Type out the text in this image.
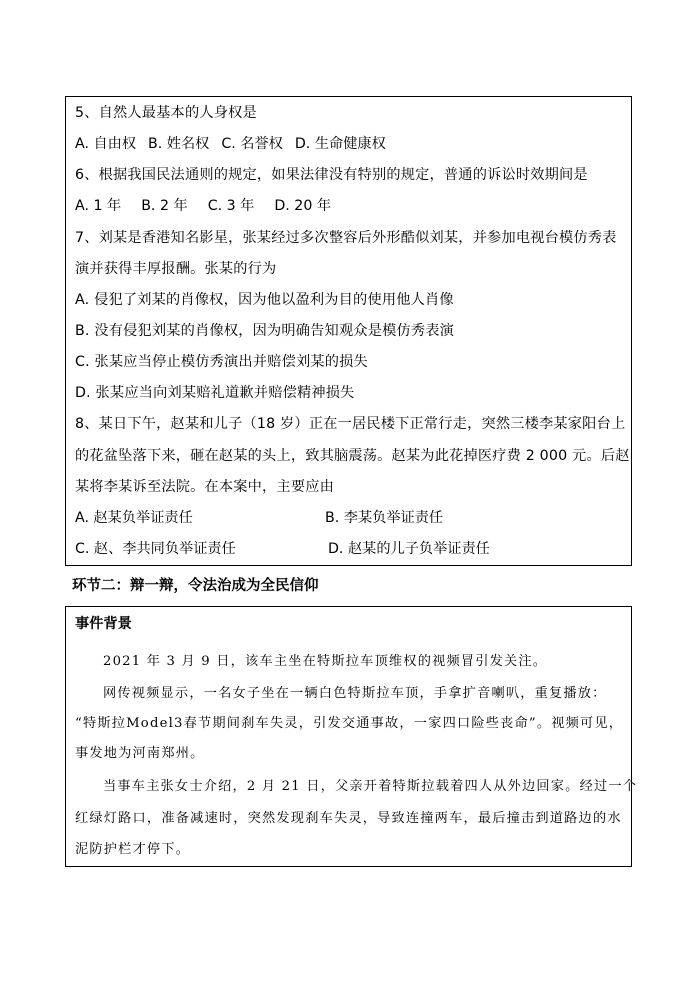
5、自然人最基本的人身权是
A. 自由权 B. 姓名权 C. 名誉权 D. 生命健康权
6、根据我国民法通则的规定，如果法律没有特别的规定，普通的诉讼时效期间是
A. 1 年 B. 2 年 C. 3 年 D. 20 年
7、刘某是香港知名影星，张某经过多次整容后外形酷似刘某，并参加电视台模仿秀表
演并获得丰厚报酬。张某的行为
A. 侵犯了刘某的肖像权，因为他以盈利为目的使用他人肖像
B. 没有侵犯刘某的肖像权，因为明确告知观众是模仿秀表演
C. 张某应当停止模仿秀演出并赔偿刘某的损失
D. 张某应当向刘某赔礼道歉并赔偿精神损失
8、某日下午，赵某和儿子（18 岁）正在一居民楼下正常行走，突然三楼李某家阳台上
的花盆坠落下来，砸在赵某的头上，致其脑震荡。赵某为此花掉医疗费 2 000 元。后赵
某将李某诉至法院。在本案中，主要应由
A. 赵某负举证责任	B. 李某负举证责任
C. 赵、李共同负举证责任	D. 赵某的儿子负举证责任
环节二：辩一辩，令法治成为全民信仰
事件背景
2021 年 3 月 9 日，该车主坐在特斯拉车顶维权的视频冒引发关注。
网传视频显示，一名女子坐在一辆白色特斯拉车顶，手拿扩音喇叭，重复播放：
“特斯拉Model3春节期间刹车失灵，引发交通事故，一家四口险些丧命”。视频可见，
事发地为河南郑州。
当事车主张女士介绍，2 月 21 日，父亲开着特斯拉载着四人从外边回家。经过一个
红绿灯路口，准备减速时，突然发现刹车失灵，导致连撞两车，最后撞击到道路边的水
泥防护栏才停下。
